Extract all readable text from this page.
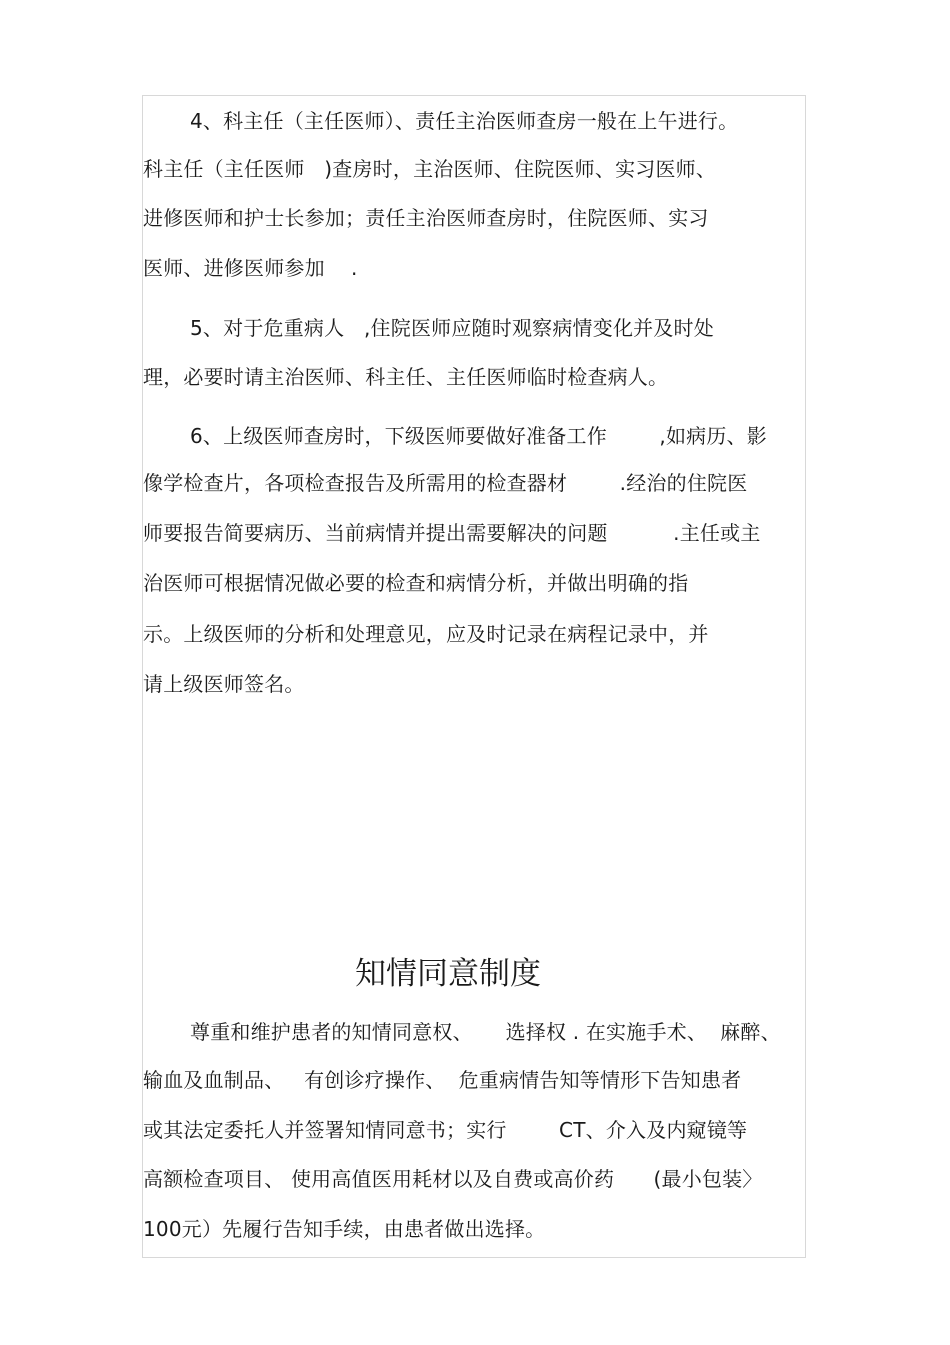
4、科主任（主任医师）、责任主治医师查房一般在上午进行。
科主任（主任医师   )查房时，主治医师、住院医师、实习医师、
进修医师和护士长参加；责任主治医师查房时，住院医师、实习
医师、进修医师参加    .
5、对于危重病人   ,住院医师应随时观察病情变化并及时处
理，必要时请主治医师、科主任、主任医师临时检查病人。
6、上级医师查房时，下级医师要做好准备工作        ,如病历、影
像学检查片，各项检查报告及所需用的检查器材        .经治的住院医
师要报告简要病历、当前病情并提出需要解决的问题          .主任或主
治医师可根据情况做必要的检查和病情分析，并做出明确的指
示。上级医师的分析和处理意见，应及时记录在病程记录中，并
请上级医师签名。
知情同意制度
尊重和维护患者的知情同意权、     选择权 . 在实施手术、  麻醉、
输血及血制品、   有创诊疗操作、  危重病情告知等情形下告知患者
或其法定委托人并签署知情同意书；实行        CT、介入及内窥镜等
高额检查项目、 使用高值医用耗材以及自费或高价药      (最小包装〉
100元）先履行告知手续，由患者做出选择。
